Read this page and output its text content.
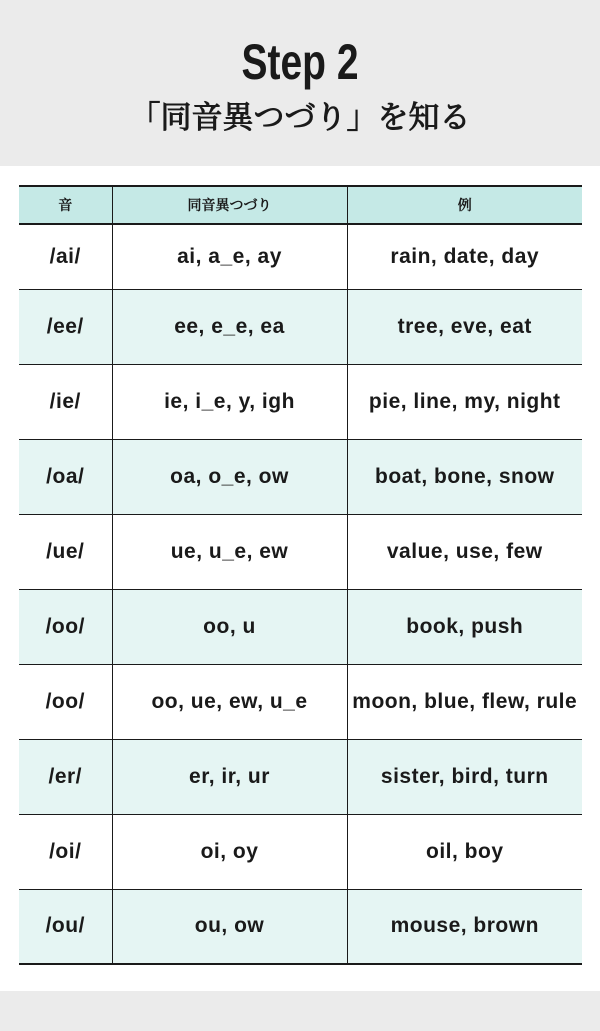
Step 2
「同音異つづり」を知る
音	同音異つづり	例
/ai/	ai, a_e, ay	rain, date, day
/ee/	ee, e_e, ea	tree, eve, eat
/ie/	ie, i_e, y, igh	pie, line, my, night
/oa/	oa, o_e, ow	boat, bone, snow
/ue/	ue, u_e, ew	value, use, few
/oo/	oo, u	book, push
/oo/	oo, ue, ew, u_e	moon, blue, flew, rule
/er/	er, ir, ur	sister, bird, turn
/oi/	oi, oy	oil, boy
/ou/	ou, ow	mouse, brown
